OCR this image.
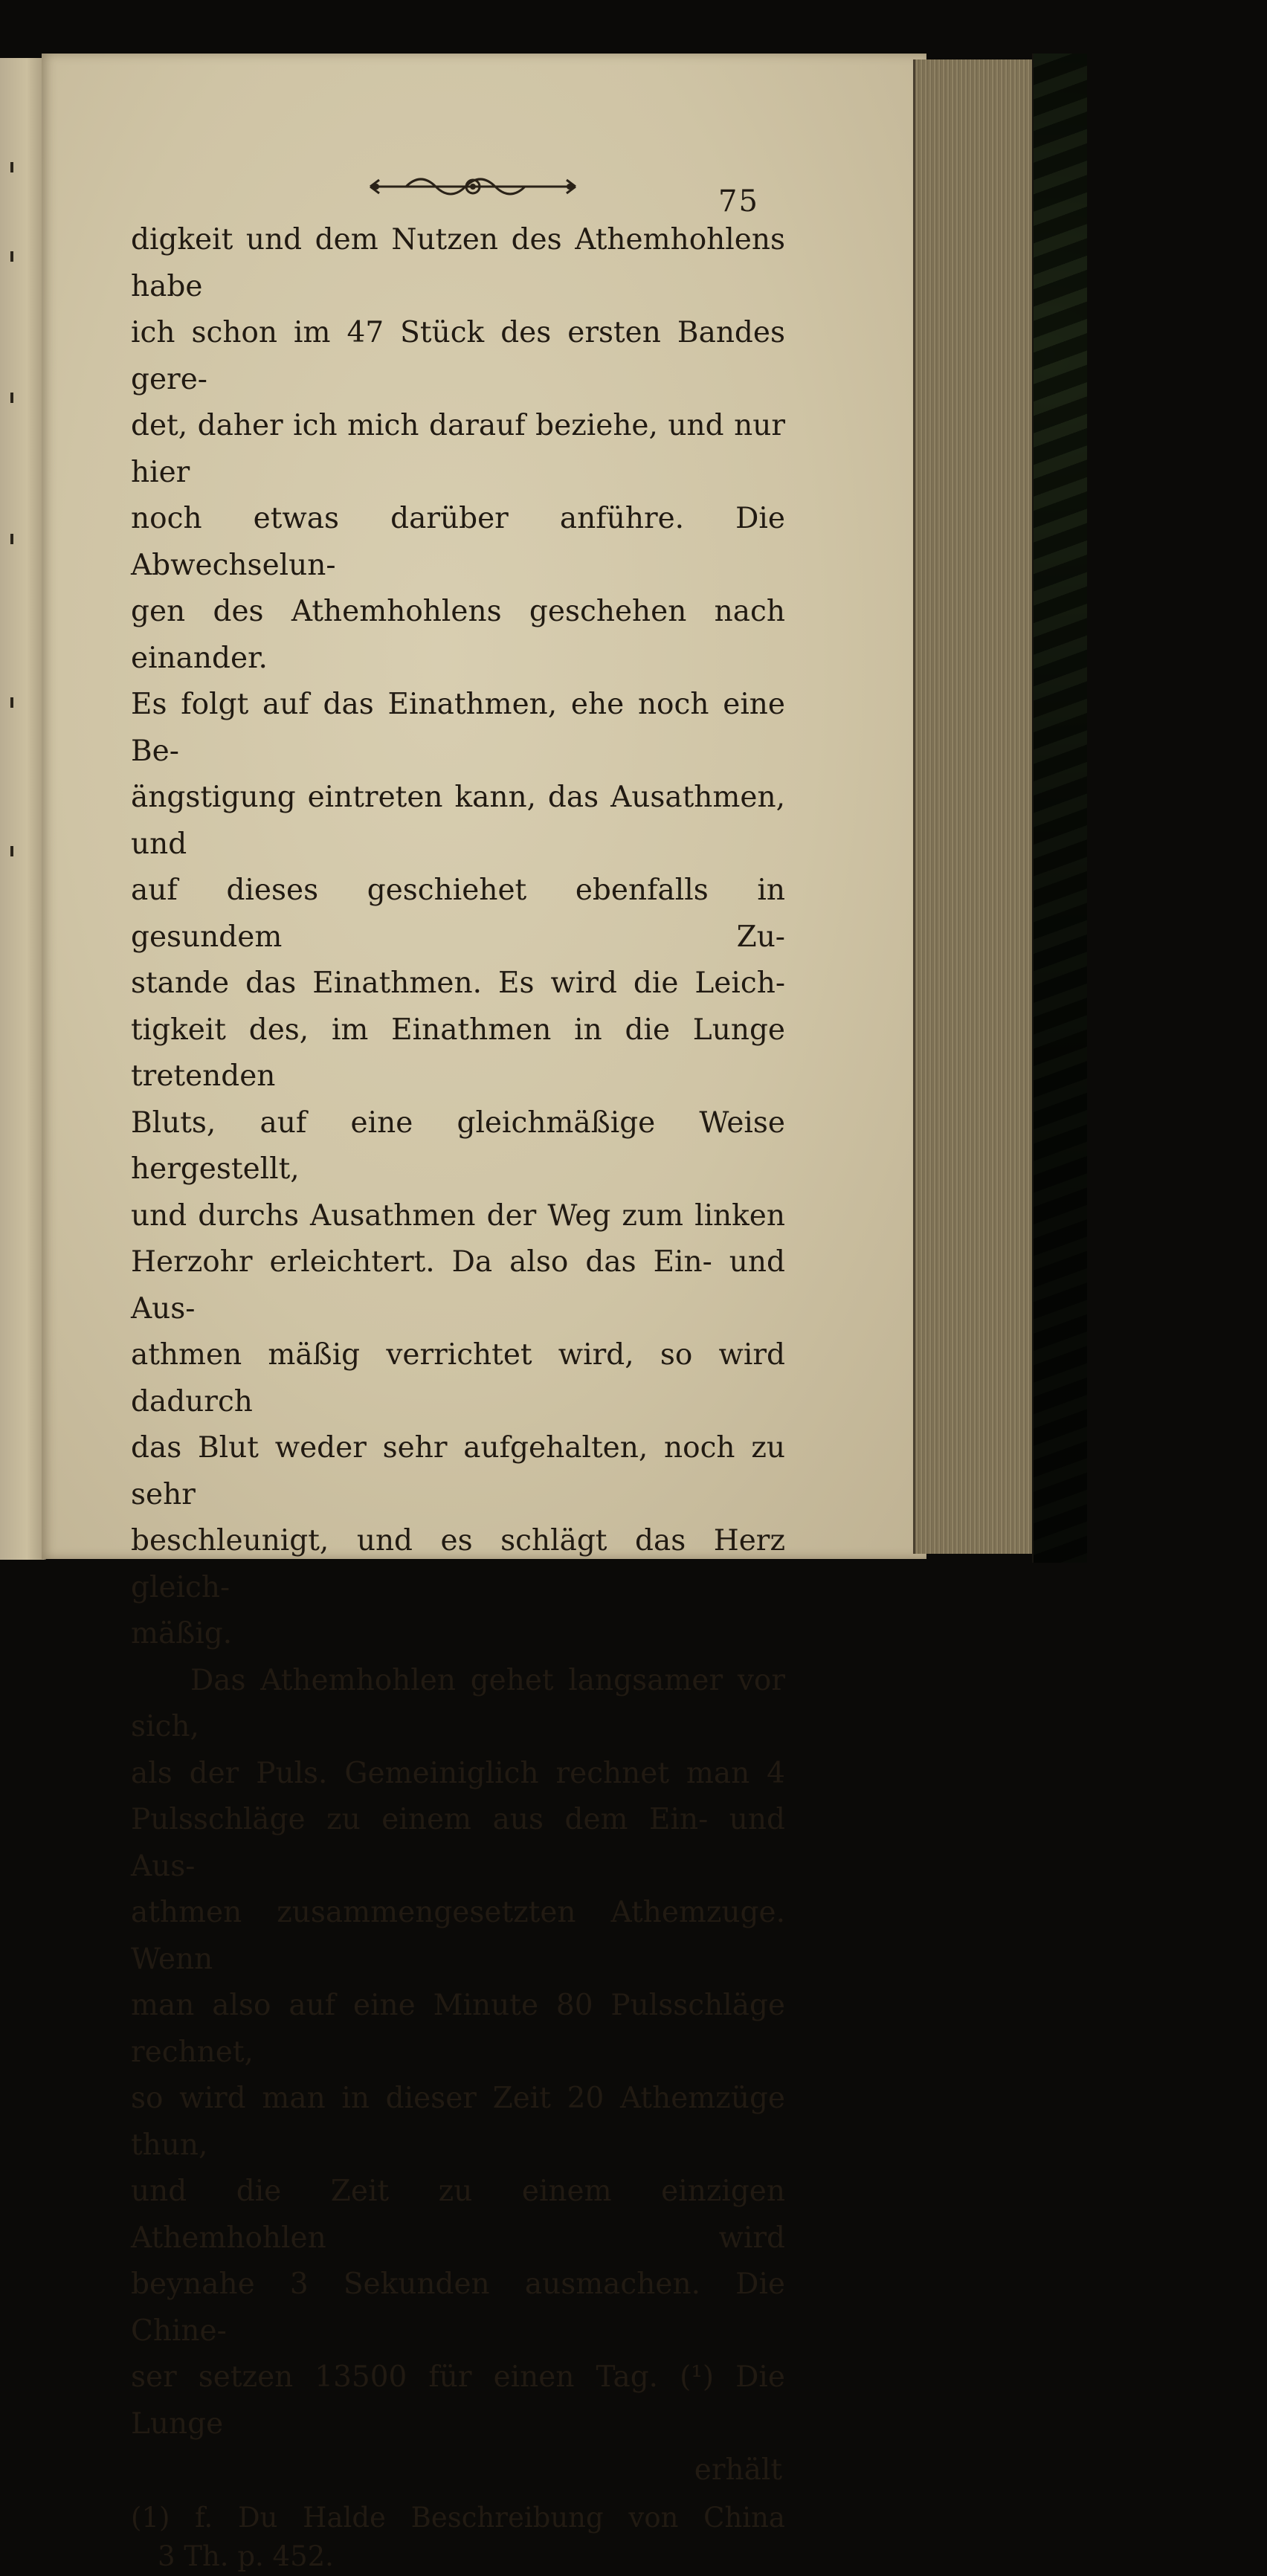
75

digkeit und dem Nutzen des Athemhohlens habe

ich schon im 47 Stück des ersten Bandes gere-

det, daher ich mich darauf beziehe, und nur hier

noch etwas darüber anführe. Die Abwechselun-

gen des Athemhohlens geschehen nach einander.

Es folgt auf das Einathmen, ehe noch eine Be-

ängstigung eintreten kann, das Ausathmen, und

auf dieses geschiehet ebenfalls in gesundem Zu-

stande das Einathmen. Es wird die Leich-

tigkeit des, im Einathmen in die Lunge tretenden

Bluts, auf eine gleichmäßige Weise hergestellt,

und durchs Ausathmen der Weg zum linken

Herzohr erleichtert. Da also das Ein- und Aus-

athmen mäßig verrichtet wird, so wird dadurch

das Blut weder sehr aufgehalten, noch zu sehr

beschleunigt, und es schlägt das Herz gleich-

mäßig.

Das Athemhohlen gehet langsamer vor sich,

als der Puls. Gemeiniglich rechnet man 4

Pulsschläge zu einem aus dem Ein- und Aus-

athmen zusammengesetzten Athemzuge. Wenn

man also auf eine Minute 80 Pulsschläge rechnet,

so wird man in dieser Zeit 20 Athemzüge thun,

und die Zeit zu einem einzigen Athemhohlen wird

beynahe 3 Sekunden ausmachen. Die Chine-

ser setzen 13500 für einen Tag. (¹) Die Lunge

erhält

(1) f. Du Halde Beschreibung von China

3 Th. p. 452.
